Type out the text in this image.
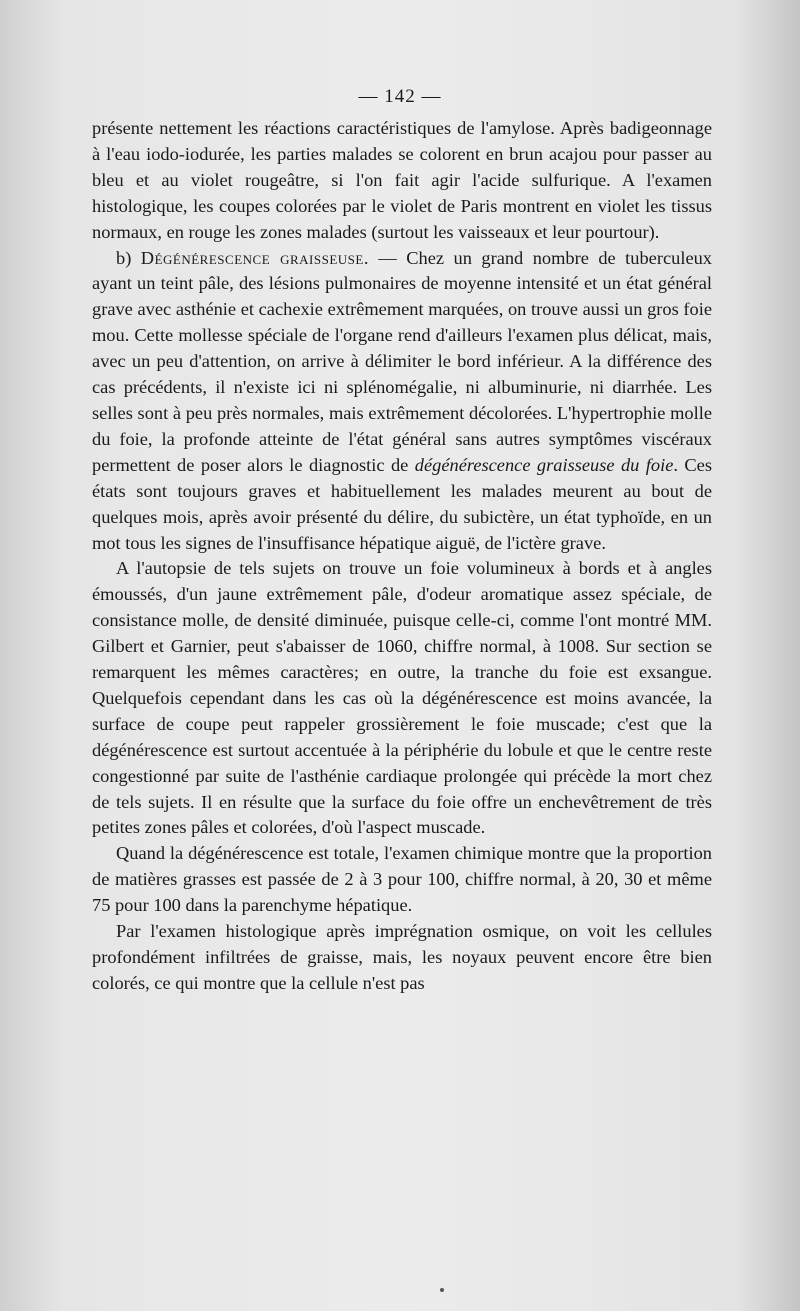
— 142 —

présente nettement les réactions caractéristiques de l'amylose. Après badigeonnage à l'eau iodo-iodurée, les parties malades se colorent en brun acajou pour passer au bleu et au violet rougeâtre, si l'on fait agir l'acide sulfurique. A l'examen histologique, les coupes colorées par le violet de Paris montrent en violet les tissus normaux, en rouge les zones malades (surtout les vaisseaux et leur pourtour).

b) Dégénérescence graisseuse. — Chez un grand nombre de tuberculeux ayant un teint pâle, des lésions pulmonaires de moyenne intensité et un état général grave avec asthénie et cachexie extrêmement marquées, on trouve aussi un gros foie mou. Cette mollesse spéciale de l'organe rend d'ailleurs l'examen plus délicat, mais, avec un peu d'attention, on arrive à délimiter le bord inférieur. A la différence des cas précédents, il n'existe ici ni splénomégalie, ni albuminurie, ni diarrhée. Les selles sont à peu près normales, mais extrêmement décolorées. L'hypertrophie molle du foie, la profonde atteinte de l'état général sans autres symptômes viscéraux permettent de poser alors le diagnostic de dégénérescence graisseuse du foie. Ces états sont toujours graves et habituellement les malades meurent au bout de quelques mois, après avoir présenté du délire, du subictère, un état typhoïde, en un mot tous les signes de l'insuffisance hépatique aiguë, de l'ictère grave.

A l'autopsie de tels sujets on trouve un foie volumineux à bords et à angles émoussés, d'un jaune extrêmement pâle, d'odeur aromatique assez spéciale, de consistance molle, de densité diminuée, puisque celle-ci, comme l'ont montré MM. Gilbert et Garnier, peut s'abaisser de 1060, chiffre normal, à 1008. Sur section se remarquent les mêmes caractères; en outre, la tranche du foie est exsangue. Quelquefois cependant dans les cas où la dégénérescence est moins avancée, la surface de coupe peut rappeler grossièrement le foie muscade; c'est que la dégénérescence est surtout accentuée à la périphérie du lobule et que le centre reste congestionné par suite de l'asthénie cardiaque prolongée qui précède la mort chez de tels sujets. Il en résulte que la surface du foie offre un enchevêtrement de très petites zones pâles et colorées, d'où l'aspect muscade.

Quand la dégénérescence est totale, l'examen chimique montre que la proportion de matières grasses est passée de 2 à 3 pour 100, chiffre normal, à 20, 30 et même 75 pour 100 dans la parenchyme hépatique.

Par l'examen histologique après imprégnation osmique, on voit les cellules profondément infiltrées de graisse, mais, les noyaux peuvent encore être bien colorés, ce qui montre que la cellule n'est pas
